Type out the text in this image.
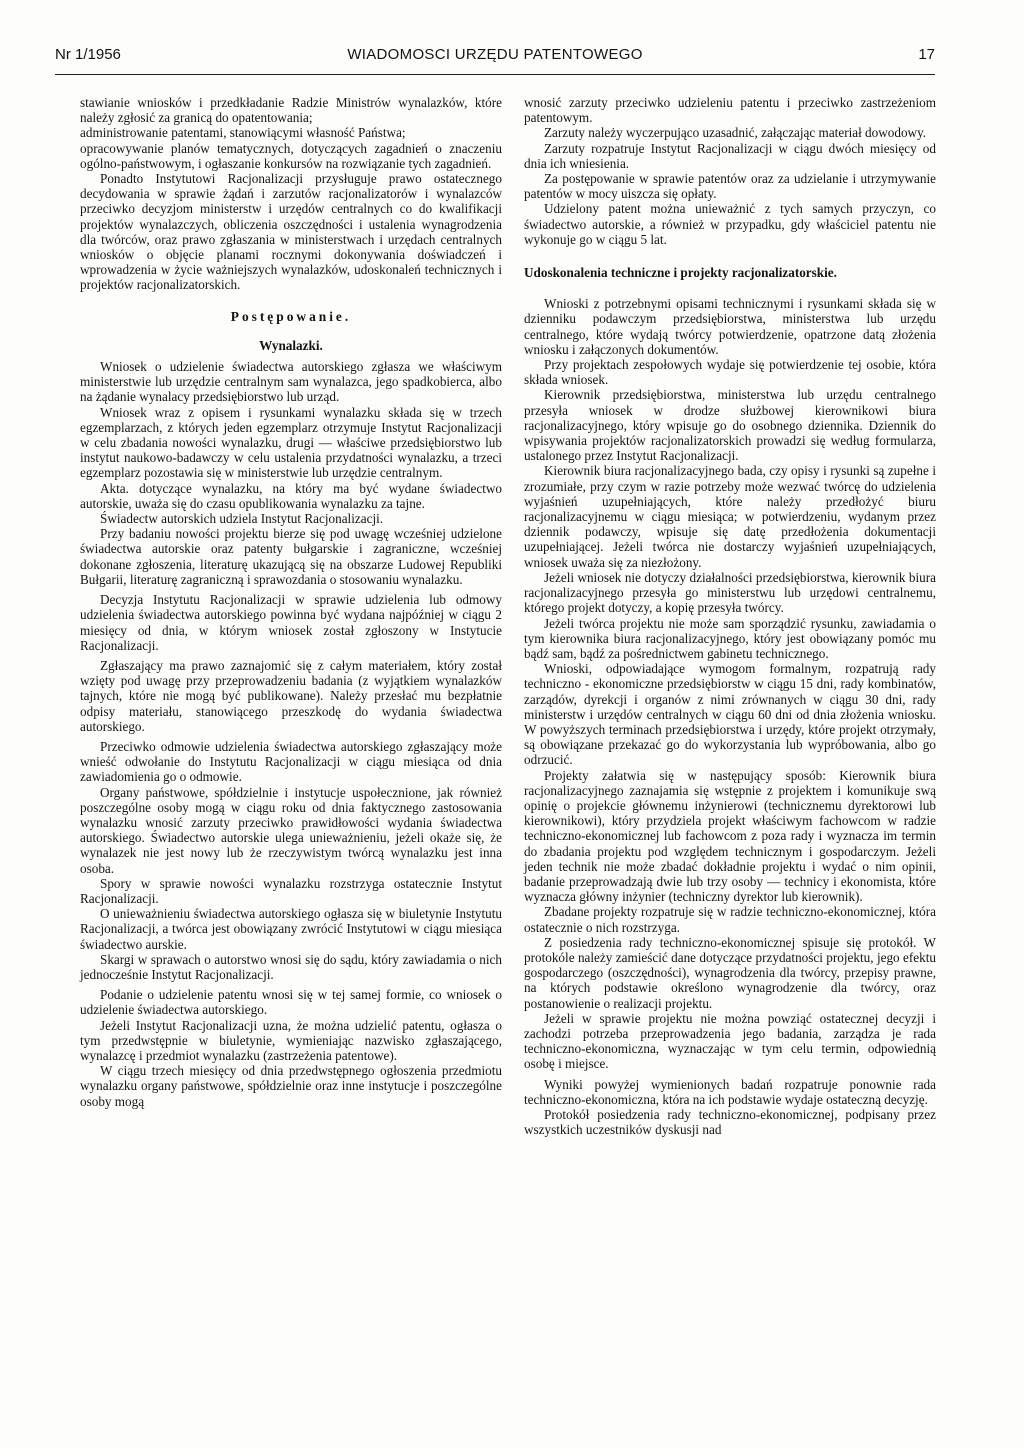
Nr 1/1956	WIADOMOSCI URZĘDU PATENTOWEGO	17

stawianie wniosków i przedkładanie Radzie Ministrów wynalazków, które należy zgłosić za granicą do opatentowania;

administrowanie patentami, stanowiącymi własność Państwa;

opracowywanie planów tematycznych, dotyczących zagadnień o znaczeniu ogólno-państwowym, i ogłaszanie konkursów na rozwiązanie tych zagadnień.

Ponadto Instytutowi Racjonalizacji przysługuje prawo ostatecznego decydowania w sprawie żądań i zarzutów racjonalizatorów i wynalazców przeciwko decyzjom ministerstw i urzędów centralnych co do kwalifikacji projektów wynalazczych, obliczenia oszczędności i ustalenia wynagrodzenia dla twórców, oraz prawo zgłaszania w ministerstwach i urzędach centralnych wniosków o objęcie planami rocznymi dokonywania doświadczeń i wprowadzenia w życie ważniejszych wynalazków, udoskonaleń technicznych i projektów racjonalizatorskich.

Postępowanie.
Wynalazki.

Wniosek o udzielenie świadectwa autorskiego zgłasza we właściwym ministerstwie lub urzędzie centralnym sam wynalazca, jego spadkobierca, albo na żądanie wynalacy przedsiębiorstwo lub urząd.

Wniosek wraz z opisem i rysunkami wynalazku składa się w trzech egzemplarzach, z których jeden egzemplarz otrzymuje Instytut Racjonalizacji w celu zbadania nowości wynalazku, drugi — właściwe przedsiębiorstwo lub instytut naukowo-badawczy w celu ustalenia przydatności wynalazku, a trzeci egzemplarz pozostawia się w ministerstwie lub urzędzie centralnym.

Akta. dotyczące wynalazku, na który ma być wydane świadectwo autorskie, uważa się do czasu opublikowania wynalazku za tajne.

Świadectw autorskich udziela Instytut Racjonalizacji.

Przy badaniu nowości projektu bierze się pod uwagę wcześniej udzielone świadectwa autorskie oraz patenty bułgarskie i zagraniczne, wcześniej dokonane zgłoszenia, literaturę ukazującą się na obszarze Ludowej Republiki Bułgarii, literaturę zagraniczną i sprawozdania o stosowaniu wynalazku.

Decyzja Instytutu Racjonalizacji w sprawie udzielenia lub odmowy udzielenia świadectwa autorskiego powinna być wydana najpóźniej w ciągu 2 miesięcy od dnia, w którym wniosek został zgłoszony w Instytucie Racjonalizacji.

Zgłaszający ma prawo zaznajomić się z całym materiałem, który został wzięty pod uwagę przy przeprowadzeniu badania (z wyjątkiem wynalazków tajnych, które nie mogą być publikowane). Należy przesłać mu bezpłatnie odpisy materiału, stanowiącego przeszkodę do wydania świadectwa autorskiego.

Przeciwko odmowie udzielenia świadectwa autorskiego zgłaszający może wnieść odwołanie do Instytutu Racjonalizacji w ciągu miesiąca od dnia zawiadomienia go o odmowie.

Organy państwowe, spółdzielnie i instytucje uspołecznione, jak również poszczególne osoby mogą w ciągu roku od dnia faktycznego zastosowania wynalazku wnosić zarzuty przeciwko prawidłowości wydania świadectwa autorskiego. Świadectwo autorskie ulega unieważnieniu, jeżeli okaże się, że wynalazek nie jest nowy lub że rzeczywistym twórcą wynalazku jest inna osoba.

Spory w sprawie nowości wynalazku rozstrzyga ostatecznie Instytut Racjonalizacji.

O unieważnieniu świadectwa autorskiego ogłasza się w biuletynie Instytutu Racjonalizacji, a twórca jest obowiązany zwrócić Instytutowi w ciągu miesiąca świadectwo aurskie.

Skargi w sprawach o autorstwo wnosi się do sądu, który zawiadamia o nich jednocześnie Instytut Racjonalizacji.

Podanie o udzielenie patentu wnosi się w tej samej formie, co wniosek o udzielenie świadectwa autorskiego.

Jeżeli Instytut Racjonalizacji uzna, że można udzielić patentu, ogłasza o tym przedwstępnie w biuletynie, wymieniając nazwisko zgłaszającego, wynalazcę i przedmiot wynalazku (zastrzeżenia patentowe).

W ciągu trzech miesięcy od dnia przedwstępnego ogłoszenia przedmiotu wynalazku organy państwowe, spółdzielnie oraz inne instytucje i poszczególne osoby mogą

wnosić zarzuty przeciwko udzieleniu patentu i przeciwko zastrzeżeniom patentowym.

Zarzuty należy wyczerpująco uzasadnić, załączając materiał dowodowy.

Zarzuty rozpatruje Instytut Racjonalizacji w ciągu dwóch miesięcy od dnia ich wniesienia.

Za postępowanie w sprawie patentów oraz za udzielanie i utrzymywanie patentów w mocy uiszcza się opłaty.

Udzielony patent można unieważnić z tych samych przyczyn, co świadectwo autorskie, a również w przypadku, gdy właściciel patentu nie wykonuje go w ciągu 5 lat.

Udoskonalenia techniczne i projekty racjonalizatorskie.

Wnioski z potrzebnymi opisami technicznymi i rysunkami składa się w dzienniku podawczym przedsiębiorstwa, ministerstwa lub urzędu centralnego, które wydają twórcy potwierdzenie, opatrzone datą złożenia wniosku i załączonych dokumentów.

Przy projektach zespołowych wydaje się potwierdzenie tej osobie, która składa wniosek.

Kierownik przedsiębiorstwa, ministerstwa lub urzędu centralnego przesyła wniosek w drodze służbowej kierownikowi biura racjonalizacyjnego, który wpisuje go do osobnego dziennika. Dziennik do wpisywania projektów racjonalizatorskich prowadzi się według formularza, ustalonego przez Instytut Racjonalizacji.

Kierownik biura racjonalizacyjnego bada, czy opisy i rysunki są zupełne i zrozumiałe, przy czym w razie potrzeby może wezwać twórcę do udzielenia wyjaśnień uzupełniających, które należy przedłożyć biuru racjonalizacyjnemu w ciągu miesiąca; w potwierdzeniu, wydanym przez dziennik podawczy, wpisuje się datę przedłożenia dokumentacji uzupełniającej. Jeżeli twórca nie dostarczy wyjaśnień uzupełniających, wniosek uważa się za niezłożony.

Jeżeli wniosek nie dotyczy działalności przedsiębiorstwa, kierownik biura racjonalizacyjnego przesyła go ministerstwu lub urzędowi centralnemu, którego projekt dotyczy, a kopię przesyła twórcy.

Jeżeli twórca projektu nie może sam sporządzić rysunku, zawiadamia o tym kierownika biura racjonalizacyjnego, który jest obowiązany pomóc mu bądź sam, bądź za pośrednictwem gabinetu technicznego.

Wnioski, odpowiadające wymogom formalnym, rozpatrują rady techniczno - ekonomiczne przedsiębiorstw w ciągu 15 dni, rady kombinatów, zarządów, dyrekcji i organów z nimi zrównanych w ciągu 30 dni, rady ministerstw i urzędów centralnych w ciągu 60 dni od dnia złożenia wniosku. W powyższych terminach przedsiębiorstwa i urzędy, które projekt otrzymały, są obowiązane przekazać go do wykorzystania lub wypróbowania, albo go odrzucić.

Projekty załatwia się w następujący sposób: Kierownik biura racjonalizacyjnego zaznajamia się wstępnie z projektem i komunikuje swą opinię o projekcie głównemu inżynierowi (technicznemu dyrektorowi lub kierownikowi), który przydziela projekt właściwym fachowcom w radzie techniczno-ekonomicznej lub fachowcom z poza rady i wyznacza im termin do zbadania projektu pod względem technicznym i gospodarczym. Jeżeli jeden technik nie może zbadać dokładnie projektu i wydać o nim opinii, badanie przeprowadzają dwie lub trzy osoby — technicy i ekonomista, które wyznacza główny inżynier (techniczny dyrektor lub kierownik).

Zbadane projekty rozpatruje się w radzie techniczno-ekonomicznej, która ostatecznie o nich rozstrzyga.

Z posiedzenia rady techniczno-ekonomicznej spisuje się protokół. W protokóle należy zamieścić dane dotyczące przydatności projektu, jego efektu gospodarczego (oszczędności), wynagrodzenia dla twórcy, przepisy prawne, na których podstawie określono wynagrodzenie dla twórcy, oraz postanowienie o realizacji projektu.

Jeżeli w sprawie projektu nie można powziąć ostatecznej decyzji i zachodzi potrzeba przeprowadzenia jego badania, zarządza je rada techniczno-ekonomiczna, wyznaczając w tym celu termin, odpowiednią osobę i miejsce.

Wyniki powyżej wymienionych badań rozpatruje ponownie rada techniczno-ekonomiczna, która na ich podstawie wydaje ostateczną decyzję.

Protokół posiedzenia rady techniczno-ekonomicznej, podpisany przez wszystkich uczestników dyskusji nad
